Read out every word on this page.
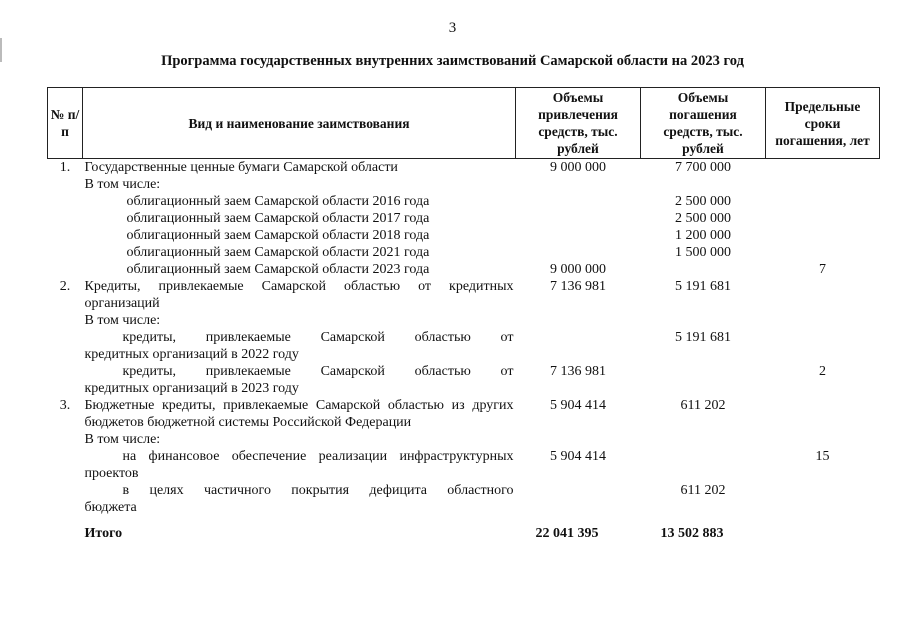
3
Программа государственных внутренних заимствований Самарской области на 2023 год
№ п/п	Вид и наименование заимствования	Объемы привлечения средств, тыс. рублей	Объемы погашения средств, тыс. рублей	Предельные сроки погашения, лет
1.	Государственные ценные бумаги Самарской области	9 000 000	7 700 000	
	В том числе:			
	облигационный заем Самарской области 2016 года		2 500 000	
	облигационный заем Самарской области 2017 года		2 500 000	
	облигационный заем Самарской области 2018 года		1 200 000	
	облигационный заем Самарской области 2021 года		1 500 000	
	облигационный заем Самарской области 2023 года	9 000 000		7
2.	Кредиты, привлекаемые Самарской областью от кредитных организаций	7 136 981	5 191 681	
	В том числе:			

	кредиты, привлекаемые Самарской областью от
кредитных организаций в 2022 году		5 191 681	

	кредиты, привлекаемые Самарской областью от
кредитных организаций в 2023 году	7 136 981		2
3.	Бюджетные кредиты, привлекаемые Самарской областью из других бюджетов бюджетной системы Российской Федерации	5 904 414	611 202	
	В том числе:			

	на финансовое обеспечение реализации инфраструктурных
проектов	5 904 414		15

	в целях частичного покрытия дефицита областного
бюджета		611 202	
	Итого	22 041 395	13 502 883	
